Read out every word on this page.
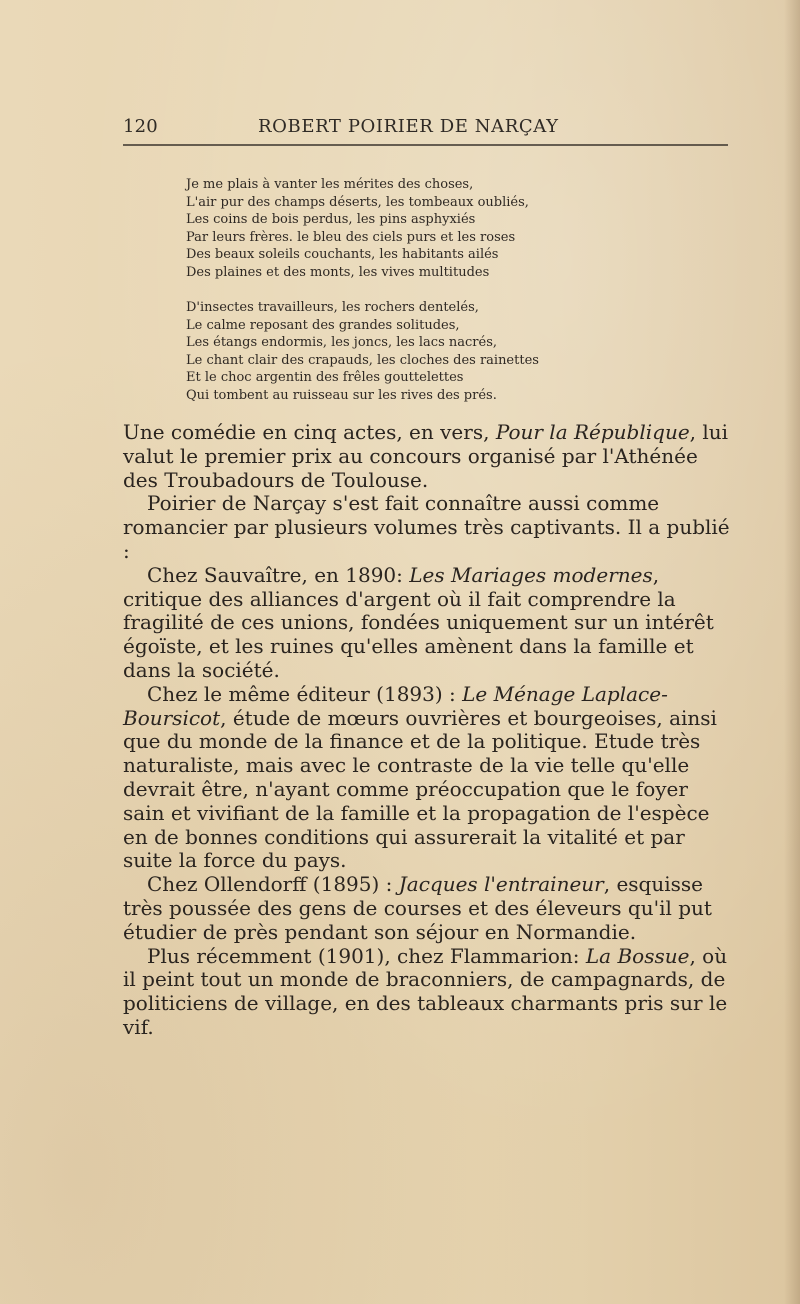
120	ROBERT POIRIER DE NARÇAY
Je me plais à vanter les mérites des choses,
L'air pur des champs déserts, les tombeaux oubliés,
Les coins de bois perdus, les pins asphyxiés
Par leurs frères. le bleu des ciels purs et les roses
Des beaux soleils couchants, les habitants ailés
Des plaines et des monts, les vives multitudes
D'insectes travailleurs, les rochers dentelés,
Le calme reposant des grandes solitudes,
Les étangs endormis, les joncs, les lacs nacrés,
Le chant clair des crapauds, les cloches des rainettes
Et le choc argentin des frêles gouttelettes
Qui tombent au ruisseau sur les rives des prés.

Une comédie en cinq actes, en vers, Pour la République, lui valut le premier prix au concours organisé par l'Athénée des Troubadours de Toulouse.

Poirier de Narçay s'est fait connaître aussi comme romancier par plusieurs volumes très captivants. Il a publié :

Chez Sauvaître, en 1890: Les Mariages modernes, critique des alliances d'argent où il fait comprendre la fragilité de ces unions, fondées uniquement sur un intérêt égoïste, et les ruines qu'elles amènent dans la famille et dans la société.

Chez le même éditeur (1893) : Le Ménage Laplace-Boursicot, étude de mœurs ouvrières et bourgeoises, ainsi que du monde de la finance et de la politique. Etude très naturaliste, mais avec le contraste de la vie telle qu'elle devrait être, n'ayant comme préoccupation que le foyer sain et vivifiant de la famille et la propagation de l'espèce en de bonnes conditions qui assurerait la vitalité et par suite la force du pays.

Chez Ollendorff (1895) : Jacques l'entraineur, esquisse très poussée des gens de courses et des éleveurs qu'il put étudier de près pendant son séjour en Normandie.

Plus récemment (1901), chez Flammarion: La Bossue, où il peint tout un monde de braconniers, de campagnards, de politiciens de village, en des tableaux charmants pris sur le vif.
